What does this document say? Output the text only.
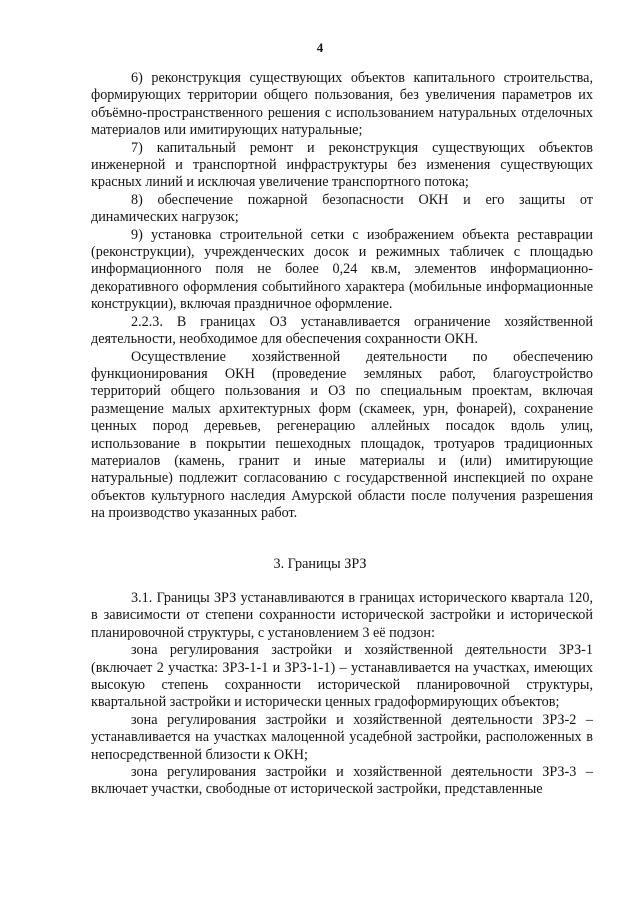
4

6) реконструкция существующих объектов капитального строительства, формирующих территории общего пользования, без увеличения параметров их объёмно-пространственного решения с использованием натуральных отделочных материалов или имитирующих натуральные;

7) капитальный ремонт и реконструкция существующих объектов инженерной и транспортной инфраструктуры без изменения существующих красных линий и исключая увеличение транспортного потока;

8) обеспечение пожарной безопасности ОКН и его защиты от динамических нагрузок;

9) установка строительной сетки с изображением объекта реставрации (реконструкции), учрежденческих досок и режимных табличек с площадью информационного поля не более 0,24 кв.м, элементов информационно-декоративного оформления событийного характера (мобильные информационные конструкции), включая праздничное оформление.

2.2.3. В границах ОЗ устанавливается ограничение хозяйственной деятельности, необходимое для обеспечения сохранности ОКН.

Осуществление хозяйственной деятельности по обеспечению функционирования ОКН (проведение земляных работ, благоустройство территорий общего пользования и ОЗ по специальным проектам, включая размещение малых архитектурных форм (скамеек, урн, фонарей), сохранение ценных пород деревьев, регенерацию аллейных посадок вдоль улиц, использование в покрытии пешеходных площадок, тротуаров традиционных материалов (камень, гранит и иные материалы и (или) имитирующие натуральные) подлежит согласованию с государственной инспекцией по охране объектов культурного наследия Амурской области после получения разрешения на производство указанных работ.

3. Границы ЗРЗ

3.1. Границы ЗРЗ устанавливаются в границах исторического квартала 120, в зависимости от степени сохранности исторической застройки и исторической планировочной структуры, с установлением 3 её подзон:

зона регулирования застройки и хозяйственной деятельности ЗРЗ-1 (включает 2 участка: ЗРЗ-1-1 и ЗРЗ-1-1) – устанавливается на участках, имеющих высокую степень сохранности исторической планировочной структуры, квартальной застройки и исторически ценных градоформирующих объектов;

зона регулирования застройки и хозяйственной деятельности ЗРЗ-2 – устанавливается на участках малоценной усадебной застройки, расположенных в непосредственной близости к ОКН;

зона регулирования застройки и хозяйственной деятельности ЗРЗ-3 – включает участки, свободные от исторической застройки, представленные
